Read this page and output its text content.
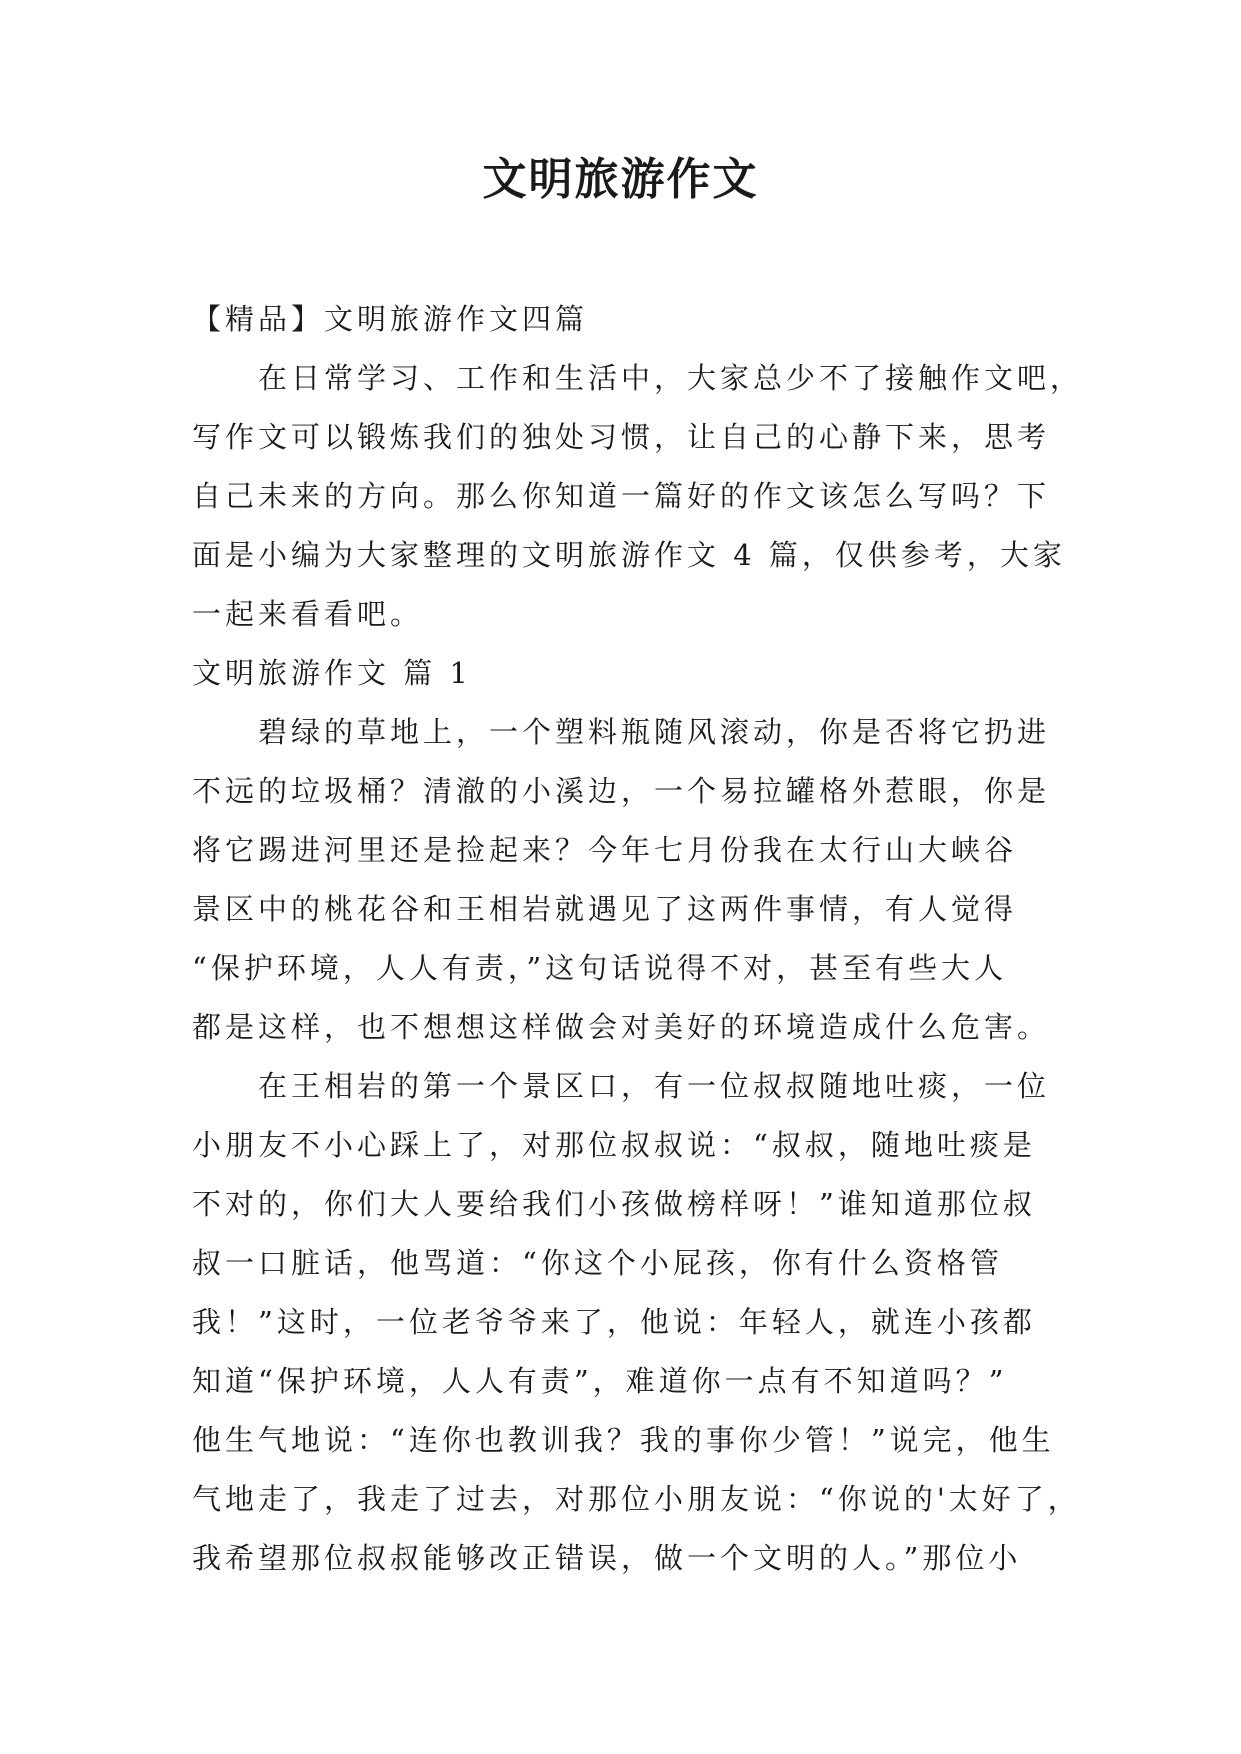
文明旅游作文
【精品】文明旅游作文四篇
在日常学习、工作和生活中，大家总少不了接触作文吧，
写作文可以锻炼我们的独处习惯，让自己的心静下来，思考
自己未来的方向。那么你知道一篇好的作文该怎么写吗？下
面是小编为大家整理的文明旅游作文 4 篇，仅供参考，大家
一起来看看吧。
文明旅游作文 篇 1
碧绿的草地上，一个塑料瓶随风滚动，你是否将它扔进
不远的垃圾桶？清澈的小溪边，一个易拉罐格外惹眼，你是
将它踢进河里还是捡起来？今年七月份我在太行山大峡谷
景区中的桃花谷和王相岩就遇见了这两件事情，有人觉得
“保护环境，人人有责，”这句话说得不对，甚至有些大人
都是这样，也不想想这样做会对美好的环境造成什么危害。
在王相岩的第一个景区口，有一位叔叔随地吐痰，一位
小朋友不小心踩上了，对那位叔叔说：“叔叔，随地吐痰是
不对的，你们大人要给我们小孩做榜样呀！”谁知道那位叔
叔一口脏话，他骂道：“你这个小屁孩，你有什么资格管
我！”这时，一位老爷爷来了，他说：年轻人，就连小孩都
知道“保护环境，人人有责”，难道你一点有不知道吗？”
他生气地说：“连你也教训我？我的事你少管！”说完，他生
气地走了，我走了过去，对那位小朋友说：“你说的'太好了，
我希望那位叔叔能够改正错误，做一个文明的人。”那位小
